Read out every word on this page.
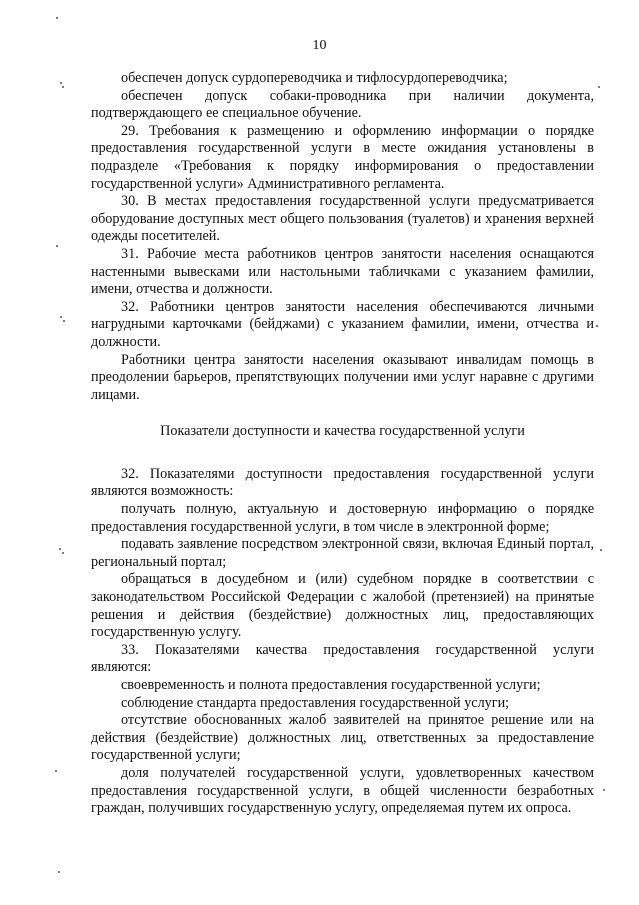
10

обеспечен допуск сурдопереводчика и тифлосурдопереводчика;

обеспечен допуск собаки-проводника при наличии документа, подтверждающего ее специальное обучение.

29. Требования к размещению и оформлению информации о порядке предоставления государственной услуги в месте ожидания установлены в подразделе «Требования к порядку информирования о предоставлении государственной услуги» Административного регламента.

30. В местах предоставления государственной услуги предусматривается оборудование доступных мест общего пользования (туалетов) и хранения верхней одежды посетителей.

31. Рабочие места работников центров занятости населения оснащаются настенными вывесками или настольными табличками с указанием фамилии, имени, отчества и должности.

32. Работники центров занятости населения обеспечиваются личными нагрудными карточками (бейджами) с указанием фамилии, имени, отчества и должности.

Работники центра занятости населения оказывают инвалидам помощь в преодолении барьеров, препятствующих получении ими услуг наравне с другими лицами.

Показатели доступности и качества государственной услуги

32. Показателями доступности предоставления государственной услуги являются возможность:

получать полную, актуальную и достоверную информацию о порядке предоставления государственной услуги, в том числе в электронной форме;

подавать заявление посредством электронной связи, включая Единый портал, региональный портал;

обращаться в досудебном и (или) судебном порядке в соответствии с законодательством Российской Федерации с жалобой (претензией) на принятые решения и действия (бездействие) должностных лиц, предоставляющих государственную услугу.

33. Показателями качества предоставления государственной услуги являются:

своевременность и полнота предоставления государственной услуги;

соблюдение стандарта предоставления государственной услуги;

отсутствие обоснованных жалоб заявителей на принятое решение или на действия (бездействие) должностных лиц, ответственных за предоставление государственной услуги;

доля получателей государственной услуги, удовлетворенных качеством предоставления государственной услуги, в общей численности безработных граждан, получивших государственную услугу, определяемая путем их опроса.
